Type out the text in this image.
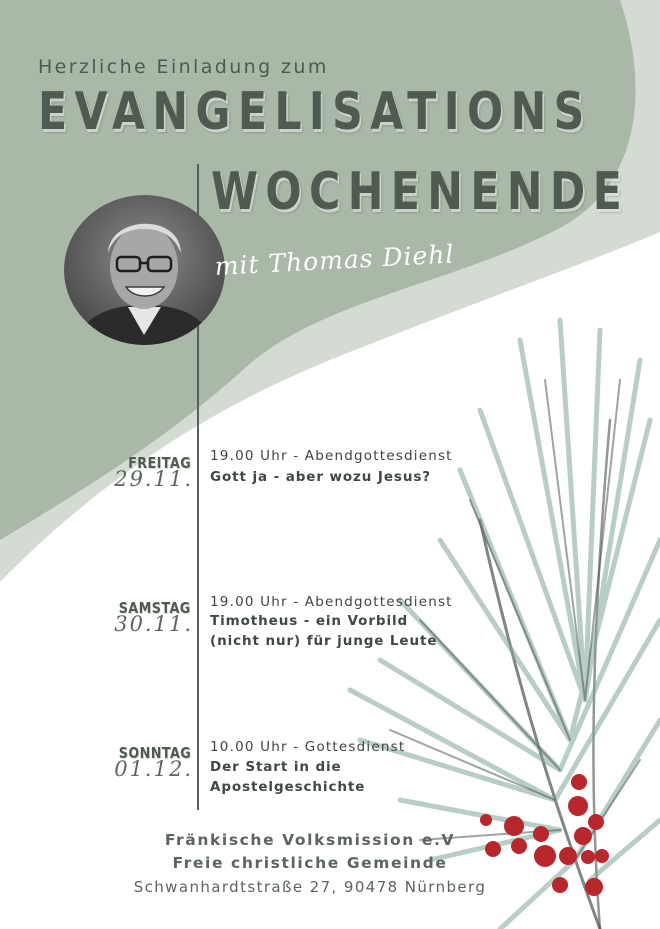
Herzliche Einladung zum
EVANGELISATIONS
WOCHENENDE
mit Thomas Diehl
FREITAG
29.11.
19.00 Uhr - Abendgottesdienst
Gott ja - aber wozu Jesus?
SAMSTAG
30.11.
19.00 Uhr - Abendgottesdienst
Timotheus - ein Vorbild
(nicht nur) für junge Leute
SONNTAG
01.12.
10.00 Uhr - Gottesdienst
Der Start in die
Apostelgeschichte
Fränkische Volksmission e.V
Freie christliche Gemeinde
Schwanhardtstraße 27, 90478 Nürnberg
